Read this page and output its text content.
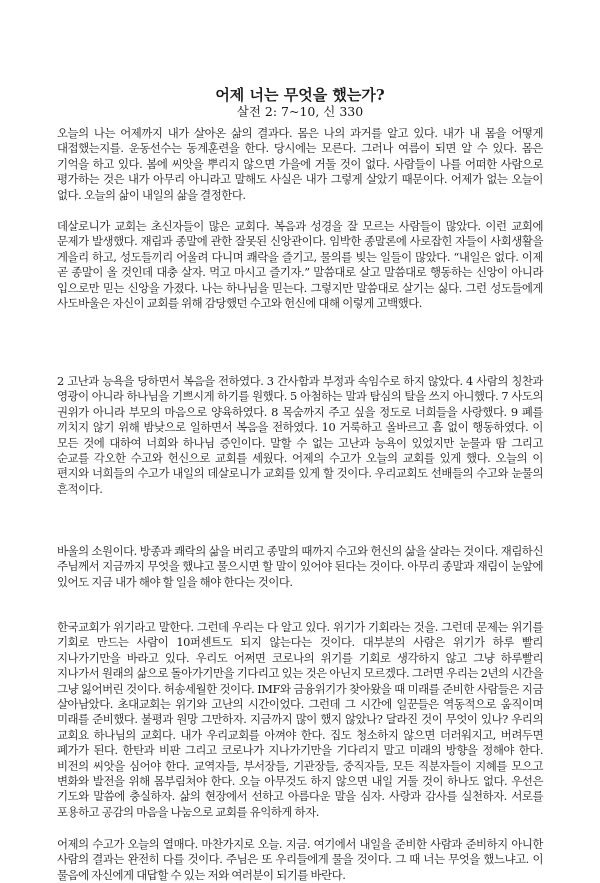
어제 너는 무엇을 했는가?
살전 2: 7~10, 신 330

오늘의 나는 어제까지 내가 살아온 삶의 결과다. 몸은 나의 과거를 알고 있다. 내가 내 몸을 어떻게 대접했는지를. 운동선수는 동계훈련을 한다. 당시에는 모른다. 그러나 여름이 되면 알 수 있다. 몸은 기억을 하고 있다. 봄에 씨앗을 뿌리지 않으면 가을에 거둘 것이 없다. 사람들이 나를 어떠한 사람으로 평가하는 것은 내가 아무리 아니라고 말해도 사실은 내가 그렇게 살았기 때문이다. 어제가 없는 오늘이 없다. 오늘의 삶이 내일의 삶을 결정한다.

데살로니가 교회는 초신자들이 많은 교회다. 복음과 성경을 잘 모르는 사람들이 많았다. 이런 교회에 문제가 발생했다. 재림과 종말에 관한 잘못된 신앙관이다. 임박한 종말론에 사로잡힌 자들이 사회생활을 게을리 하고, 성도들끼리 어울려 다니며 쾌락을 즐기고, 물의를 빚는 일들이 많았다. “내일은 없다. 이제 곧 종말이 올 것인데 대충 살자. 먹고 마시고 즐기자.” 말씀대로 살고 말씀대로 행동하는 신앙이 아니라 입으로만 믿는 신앙을 가졌다. 나는 하나님을 믿는다. 그렇지만 말씀대로 살기는 싫다. 그런 성도들에게 사도바울은 자신이 교회를 위해 감당했던 수고와 헌신에 대해 이렇게 고백했다.

2 고난과 능욕을 당하면서 복음을 전하였다. 3 간사함과 부정과 속임수로 하지 않았다. 4 사람의 칭찬과 영광이 아니라 하나님을 기쁘시게 하기를 원했다. 5 아첨하는 말과 탐심의 탈을 쓰지 아니했다. 7 사도의 권위가 아니라 부모의 마음으로 양육하였다. 8 목숨까지 주고 싶을 정도로 너희들을 사랑했다. 9 폐를 끼치지 않기 위해 밤낮으로 일하면서 복음을 전하였다. 10 거룩하고 올바르고 흠 없이 행동하였다. 이 모든 것에 대하여 너희와 하나님 증인이다. 말할 수 없는 고난과 능욕이 있었지만 눈물과 땀 그리고 순교를 각오한 수고와 헌신으로 교회를 세웠다. 어제의 수고가 오늘의 교회를 있게 했다. 오늘의 이 편지와 너희들의 수고가 내일의 데살로니가 교회를 있게 할 것이다. 우리교회도 선배들의 수고와 눈물의 흔적이다.

바울의 소원이다. 방종과 쾌락의 삶을 버리고 종말의 때까지 수고와 헌신의 삶을 살라는 것이다. 재림하신 주님께서 지금까지 무엇을 했냐고 물으시면 할 말이 있어야 된다는 것이다. 아무리 종말과 재림이 눈앞에 있어도 지금 내가 해야 할 일을 해야 한다는 것이다.

한국교회가 위기라고 말한다. 그런데 우리는 다 알고 있다. 위기가 기회라는 것을. 그런데 문제는 위기를 기회로 만드는 사람이 10퍼센트도 되지 않는다는 것이다. 대부분의 사람은 위기가 하루 빨리 지나가기만을 바라고 있다. 우리도 어쩌면 코로나의 위기를 기회로 생각하지 않고 그냥 하루빨리 지나가서 원래의 삶으로 돌아가기만을 기다리고 있는 것은 아닌지 모르겠다. 그러면 우리는 2년의 시간을 그냥 잃어버린 것이다. 허송세월한 것이다. IMF와 금융위기가 찾아왔을 때 미래를 준비한 사람들은 지금 살아남았다. 초대교회는 위기와 고난의 시간이었다. 그런데 그 시간에 일꾼들은 역동적으로 움직이며 미래를 준비했다. 불평과 원망 그만하자. 지금까지 많이 했지 않았나? 달라진 것이 무엇이 있나? 우리의 교회요 하나님의 교회다. 내가 우리교회를 아껴야 한다. 집도 청소하지 않으면 더러워지고, 버려두면 폐가가 된다. 한탄과 비판 그리고 코로나가 지나가기만을 기다리지 말고 미래의 방향을 정해야 한다. 비전의 씨앗을 심어야 한다. 교역자들, 부서장들, 기관장들, 중직자들, 모든 직분자들이 지혜를 모으고 변화와 발전을 위해 몸부림쳐야 한다. 오늘 아무것도 하지 않으면 내일 거둘 것이 하나도 없다. 우선은 기도와 말씀에 충실하자. 삶의 현장에서 선하고 아름다운 말을 심자. 사랑과 감사를 실천하자. 서로를 포용하고 공감의 마음을 나눔으로 교회를 유익하게 하자.

어제의 수고가 오늘의 열매다. 마찬가지로 오늘. 지금. 여기에서 내일을 준비한 사람과 준비하지 아니한 사람의 결과는 완전히 다를 것이다. 주님은 또 우리들에게 물을 것이다. 그 때 너는 무엇을 했느냐고. 이 물음에 자신에게 대답할 수 있는 저와 여러분이 되기를 바란다.
